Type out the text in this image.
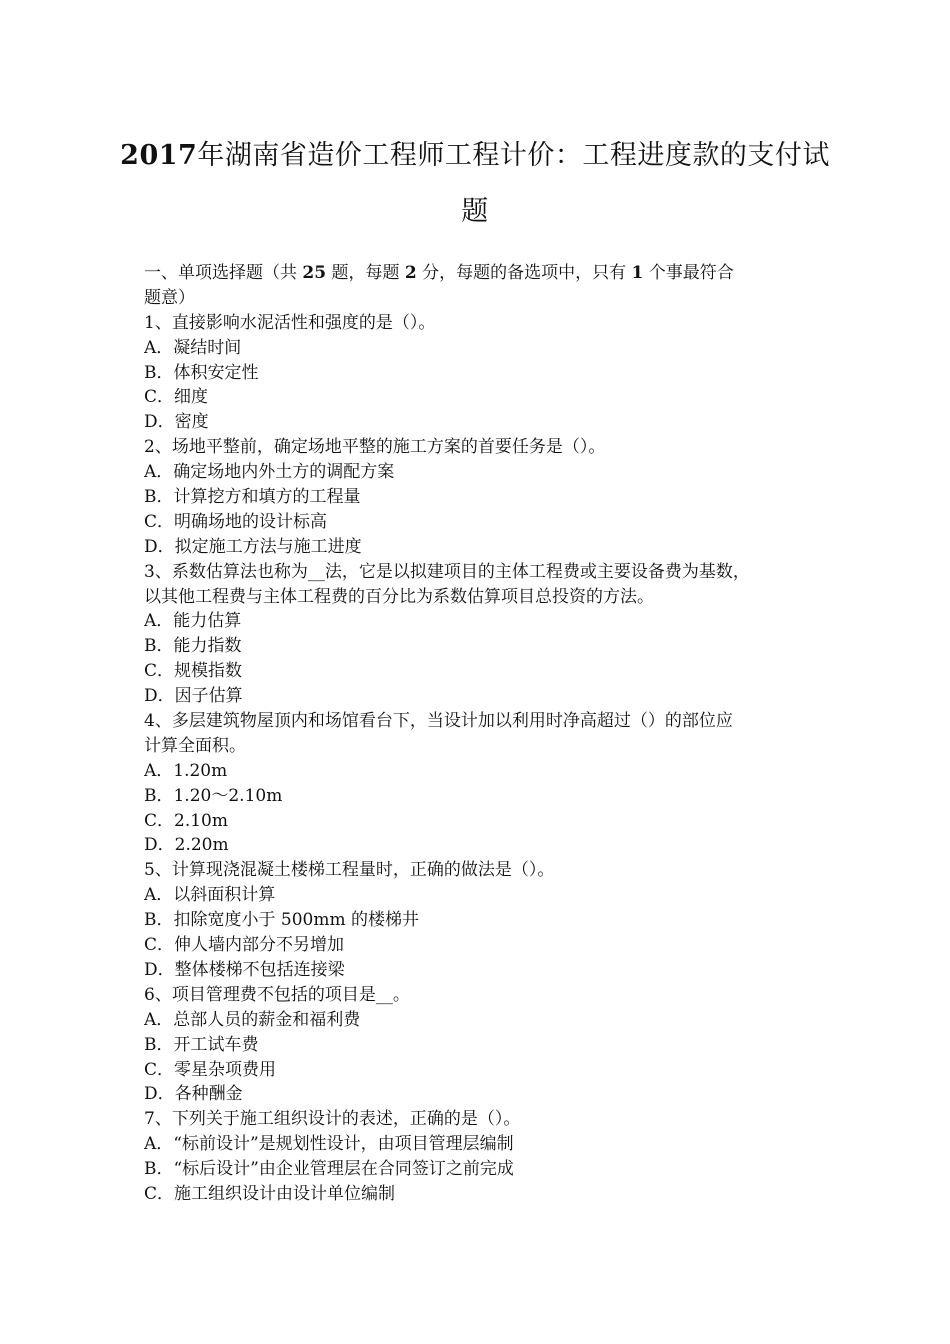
2017年湖南省造价工程师工程计价：工程进度款的支付试
题
一、单项选择题（共 25 题，每题 2 分，每题的备选项中，只有 1 个事最符合
题意）
1、直接影响水泥活性和强度的是（）。
A．凝结时间
B．体积安定性
C．细度
D．密度
2、场地平整前，确定场地平整的施工方案的首要任务是（）。
A．确定场地内外土方的调配方案
B．计算挖方和填方的工程量
C．明确场地的设计标高
D．拟定施工方法与施工进度
3、系数估算法也称为__法，它是以拟建项目的主体工程费或主要设备费为基数，
以其他工程费与主体工程费的百分比为系数估算项目总投资的方法。
A．能力估算
B．能力指数
C．规模指数
D．因子估算
4、多层建筑物屋顶内和场馆看台下，当设计加以利用时净高超过（）的部位应
计算全面积。
A．1.20m
B．1.20～2.10m
C．2.10m
D．2.20m
5、计算现浇混凝土楼梯工程量时，正确的做法是（）。
A．以斜面积计算
B．扣除宽度小于 500mm 的楼梯井
C．伸人墙内部分不另增加
D．整体楼梯不包括连接梁
6、项目管理费不包括的项目是__。
A．总部人员的薪金和福利费
B．开工试车费
C．零星杂项费用
D．各种酬金
7、下列关于施工组织设计的表述，正确的是（）。
A．“标前设计”是规划性设计，由项目管理层编制
B．“标后设计”由企业管理层在合同签订之前完成
C．施工组织设计由设计单位编制
